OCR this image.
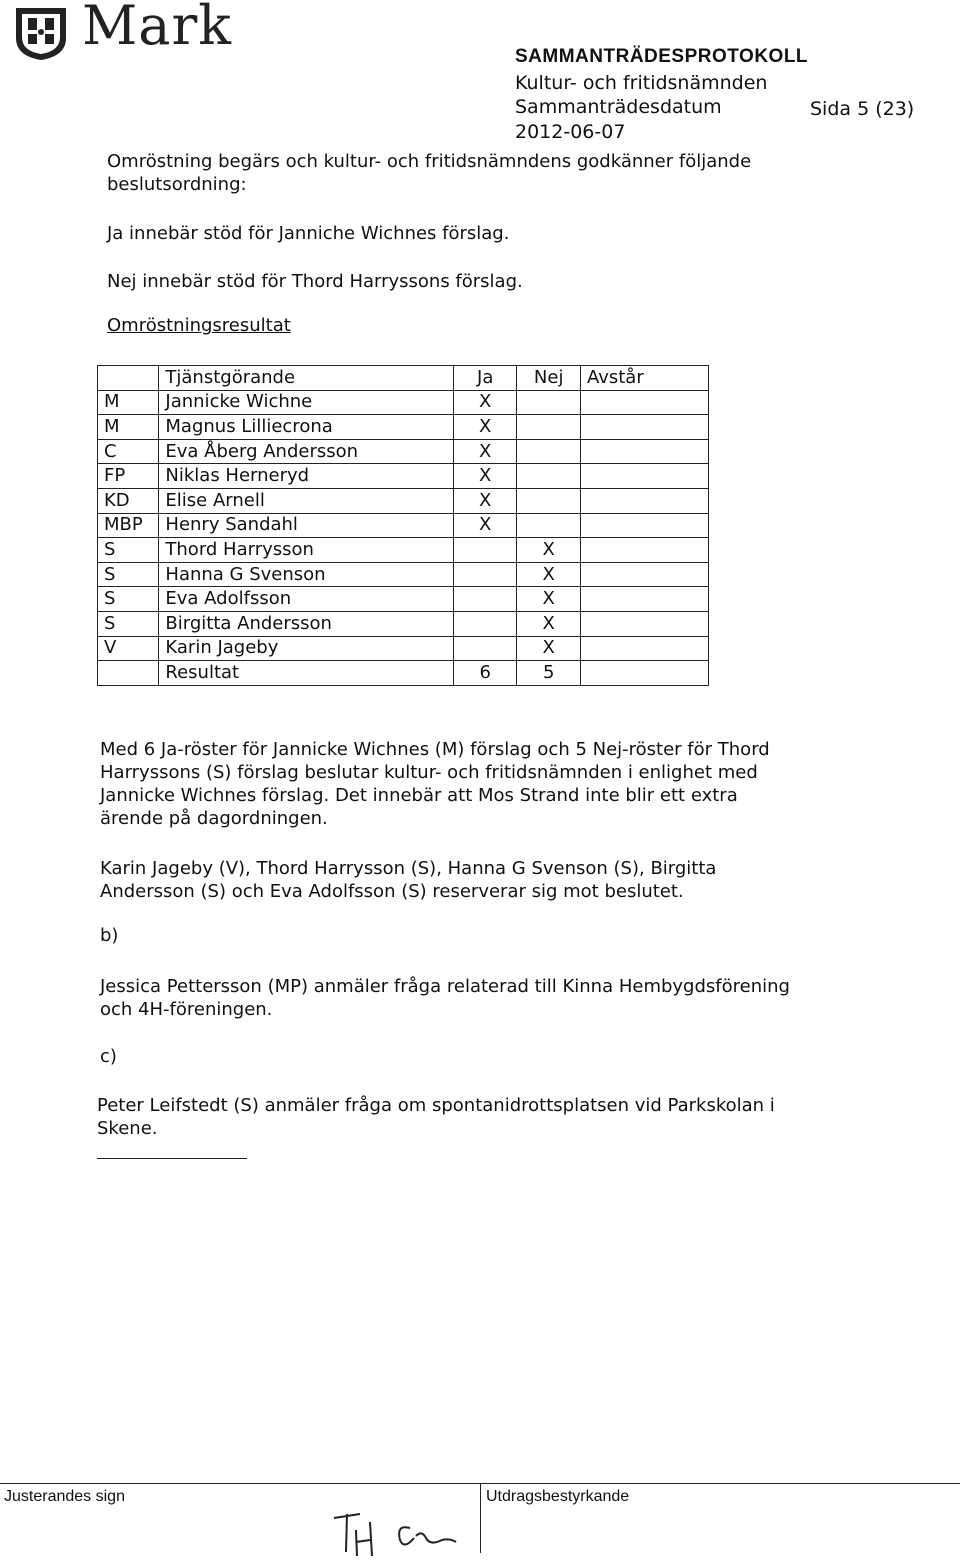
Mark	SAMMANTRÄDESPROTOKOLL
Kultur- och fritidsnämnden
Sammanträdesdatum	Sida 5 (23)
2012-06-07
Omröstning begärs och kultur- och fritidsnämndens godkänner följande
beslutsordning:
Ja innebär stöd för Janniche Wichnes förslag.
Nej innebär stöd för Thord Harryssons förslag.
Omröstningsresultat
	Tjänstgörande	Ja	Nej	Avstår
M	Jannicke Wichne	X		
M	Magnus Lilliecrona	X		
C	Eva Åberg Andersson	X		
FP	Niklas Herneryd	X		
KD	Elise Arnell	X		
MBP	Henry Sandahl	X		
S	Thord Harrysson		X	
S	Hanna G Svenson		X	
S	Eva Adolfsson		X	
S	Birgitta Andersson		X	
V	Karin Jageby		X	
	Resultat	6	5	
Med 6 Ja-röster för Jannicke Wichnes (M) förslag och 5 Nej-röster för Thord
Harryssons (S) förslag beslutar kultur- och fritidsnämnden i enlighet med
Jannicke Wichnes förslag. Det innebär att Mos Strand inte blir ett extra
ärende på dagordningen.
Karin Jageby (V), Thord Harrysson (S), Hanna G Svenson (S), Birgitta
Andersson (S) och Eva Adolfsson (S) reserverar sig mot beslutet.
b)
Jessica Pettersson (MP) anmäler fråga relaterad till Kinna Hembygdsförening
och 4H-föreningen.
c)
Peter Leifstedt (S) anmäler fråga om spontanidrottsplatsen vid Parkskolan i
Skene.
Justerandes sign	Utdragsbestyrkande
